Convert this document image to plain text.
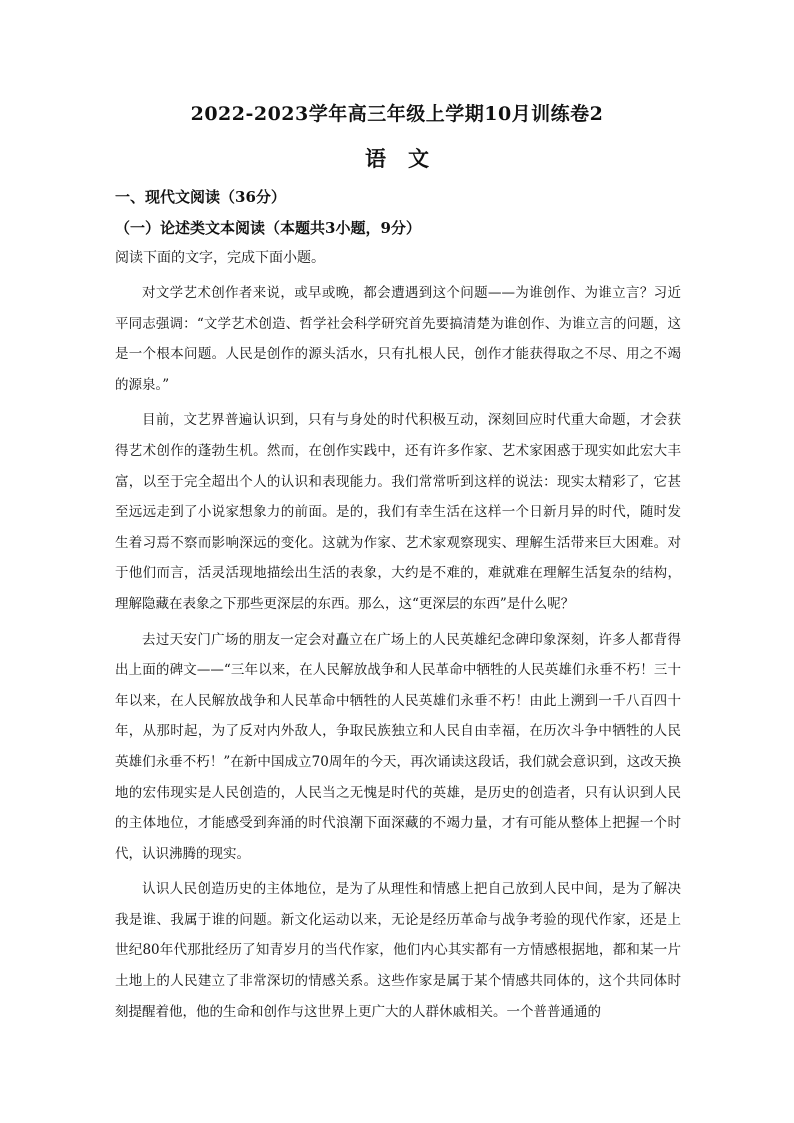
2022-2023学年高三年级上学期10月训练卷2
语文
一、现代文阅读（36分）
（一）论述类文本阅读（本题共3小题，9分）
阅读下面的文字，完成下面小题。

对文学艺术创作者来说，或早或晚，都会遭遇到这个问题——为谁创作、为谁立言？习近平同志强调：“文学艺术创造、哲学社会科学研究首先要搞清楚为谁创作、为谁立言的问题，这是一个根本问题。人民是创作的源头活水，只有扎根人民，创作才能获得取之不尽、用之不竭的源泉。”

目前，文艺界普遍认识到，只有与身处的时代积极互动，深刻回应时代重大命题，才会获得艺术创作的蓬勃生机。然而，在创作实践中，还有许多作家、艺术家困惑于现实如此宏大丰富，以至于完全超出个人的认识和表现能力。我们常常听到这样的说法：现实太精彩了，它甚至远远走到了小说家想象力的前面。是的，我们有幸生活在这样一个日新月异的时代，随时发生着习焉不察而影响深远的变化。这就为作家、艺术家观察现实、理解生活带来巨大困难。对于他们而言，活灵活现地描绘出生活的表象，大约是不难的，难就难在理解生活复杂的结构，理解隐藏在表象之下那些更深层的东西。那么，这“更深层的东西”是什么呢？

去过天安门广场的朋友一定会对矗立在广场上的人民英雄纪念碑印象深刻，许多人都背得出上面的碑文——“三年以来，在人民解放战争和人民革命中牺牲的人民英雄们永垂不朽！三十年以来，在人民解放战争和人民革命中牺牲的人民英雄们永垂不朽！由此上溯到一千八百四十年，从那时起，为了反对内外敌人，争取民族独立和人民自由幸福，在历次斗争中牺牲的人民英雄们永垂不朽！”在新中国成立70周年的今天，再次诵读这段话，我们就会意识到，这改天换地的宏伟现实是人民创造的，人民当之无愧是时代的英雄，是历史的创造者，只有认识到人民的主体地位，才能感受到奔涌的时代浪潮下面深藏的不竭力量，才有可能从整体上把握一个时代，认识沸腾的现实。

认识人民创造历史的主体地位，是为了从理性和情感上把自己放到人民中间，是为了解决我是谁、我属于谁的问题。新文化运动以来，无论是经历革命与战争考验的现代作家，还是上世纪80年代那批经历了知青岁月的当代作家，他们内心其实都有一方情感根据地，都和某一片土地上的人民建立了非常深切的情感关系。这些作家是属于某个情感共同体的，这个共同体时刻提醒着他，他的生命和创作与这世界上更广大的人群休戚相关。一个普普通通的
